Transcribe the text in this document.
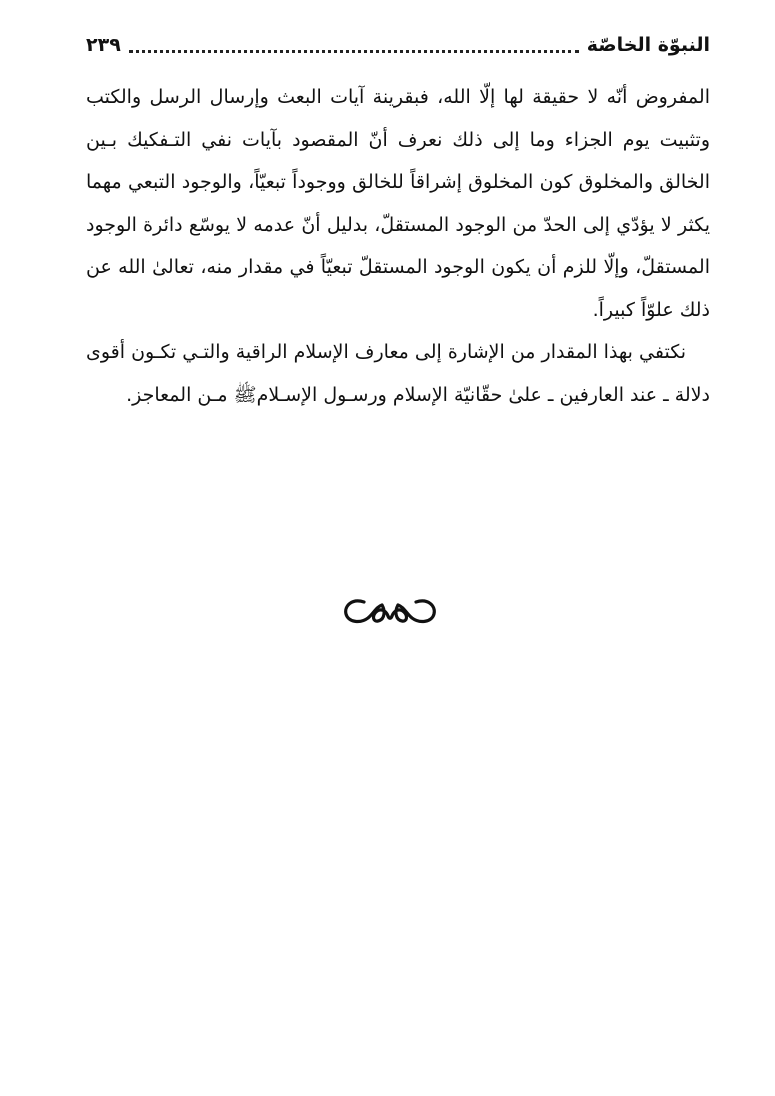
النبوّة الخاصّة
٢٣٩

المفروض أنّه لا حقيقة لها إلّا الله، فبقرينة آيات البعث وإرسال الرسل والكتب وتثبيت يوم الجزاء وما إلى ذلك نعرف أنّ المقصود بآيات نفي التـفكيك بـين الخالق والمخلوق كون المخلوق إشراقاً للخالق ووجوداً تبعيّاً، والوجود التبعي مهما يكثر لا يؤدّي إلى الحدّ من الوجود المستقلّ، بدليل أنّ عدمه لا يوسّع دائرة الوجود المستقلّ، وإلّا للزم أن يكون الوجود المستقلّ تبعيّاً في مقدار منه، تعالىٰ الله عن ذلك علوّاً كبيراً.

نكتفي بهذا المقدار من الإشارة إلى معارف الإسلام الراقية والتـي تكـون أقوى دلالة ـ عند العارفين ـ علىٰ حقّانيّة الإسلام ورسـول الإسـلامﷺ مـن المعاجز.
